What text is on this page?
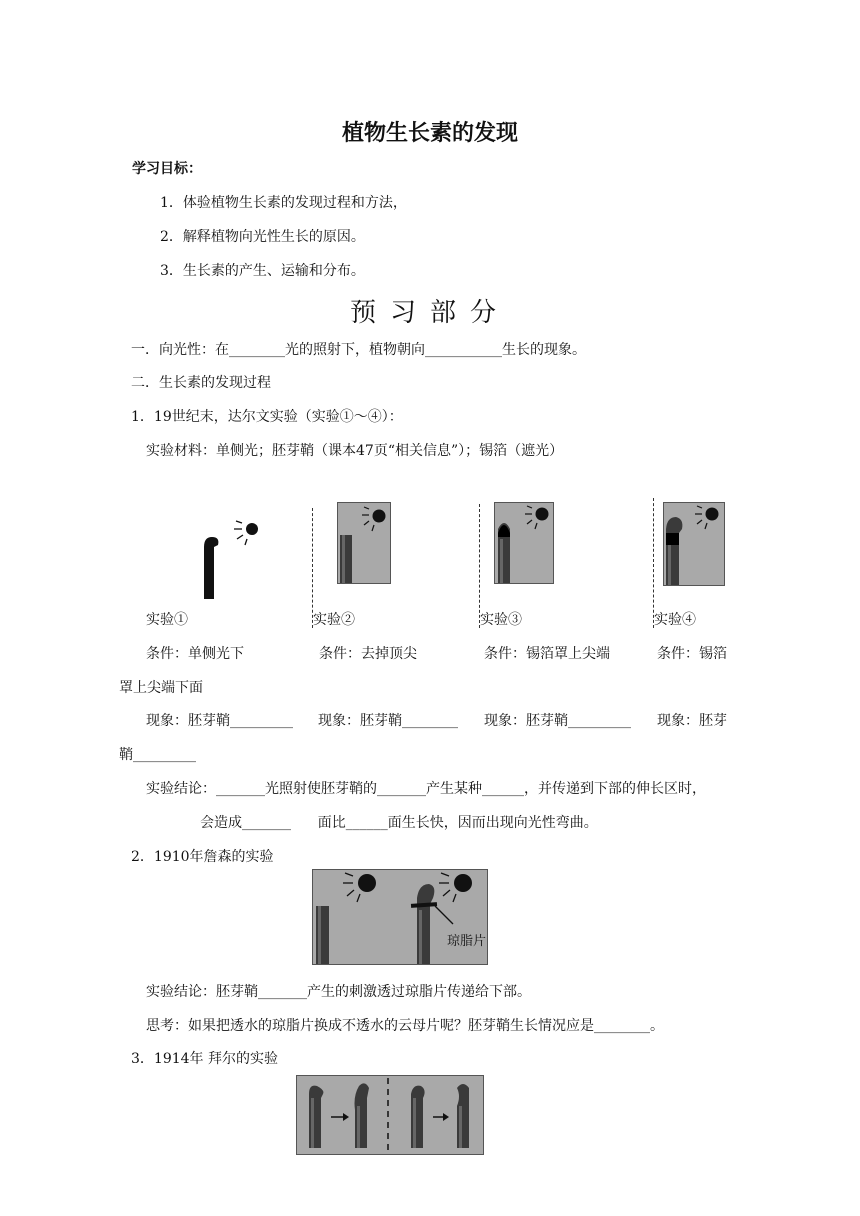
植物生长素的发现
学习目标：
1．体验植物生长素的发现过程和方法，
2．解释植物向光性生长的原因。
3．生长素的产生、运输和分布。
预习部分
一．向光性：在________光的照射下，植物朝向___________生长的现象。
二．生长素的发现过程
1．19世纪末，达尔文实验（实验①～④）：
实验材料：单侧光；胚芽鞘（课本47页“相关信息”）；锡箔（遮光）
实验①	实验②	实验③	实验④
条件：单侧光下	条件：去掉顶尖	条件：锡箔罩上尖端	条件：锡箔
罩上尖端下面
现象：胚芽鞘_________ 现象：胚芽鞘________ 现象：胚芽鞘_________ 现象：胚芽
鞘_________
实验结论：_______光照射使胚芽鞘的_______产生某种______，并传递到下部的伸长区时，
会造成_______      面比______面生长快，因而出现向光性弯曲。
2．1910年詹森的实验
琼脂片
实验结论：胚芽鞘_______产生的刺激透过琼脂片传递给下部。
思考：如果把透水的琼脂片换成不透水的云母片呢？胚芽鞘生长情况应是________。
3．1914年 拜尔的实验
